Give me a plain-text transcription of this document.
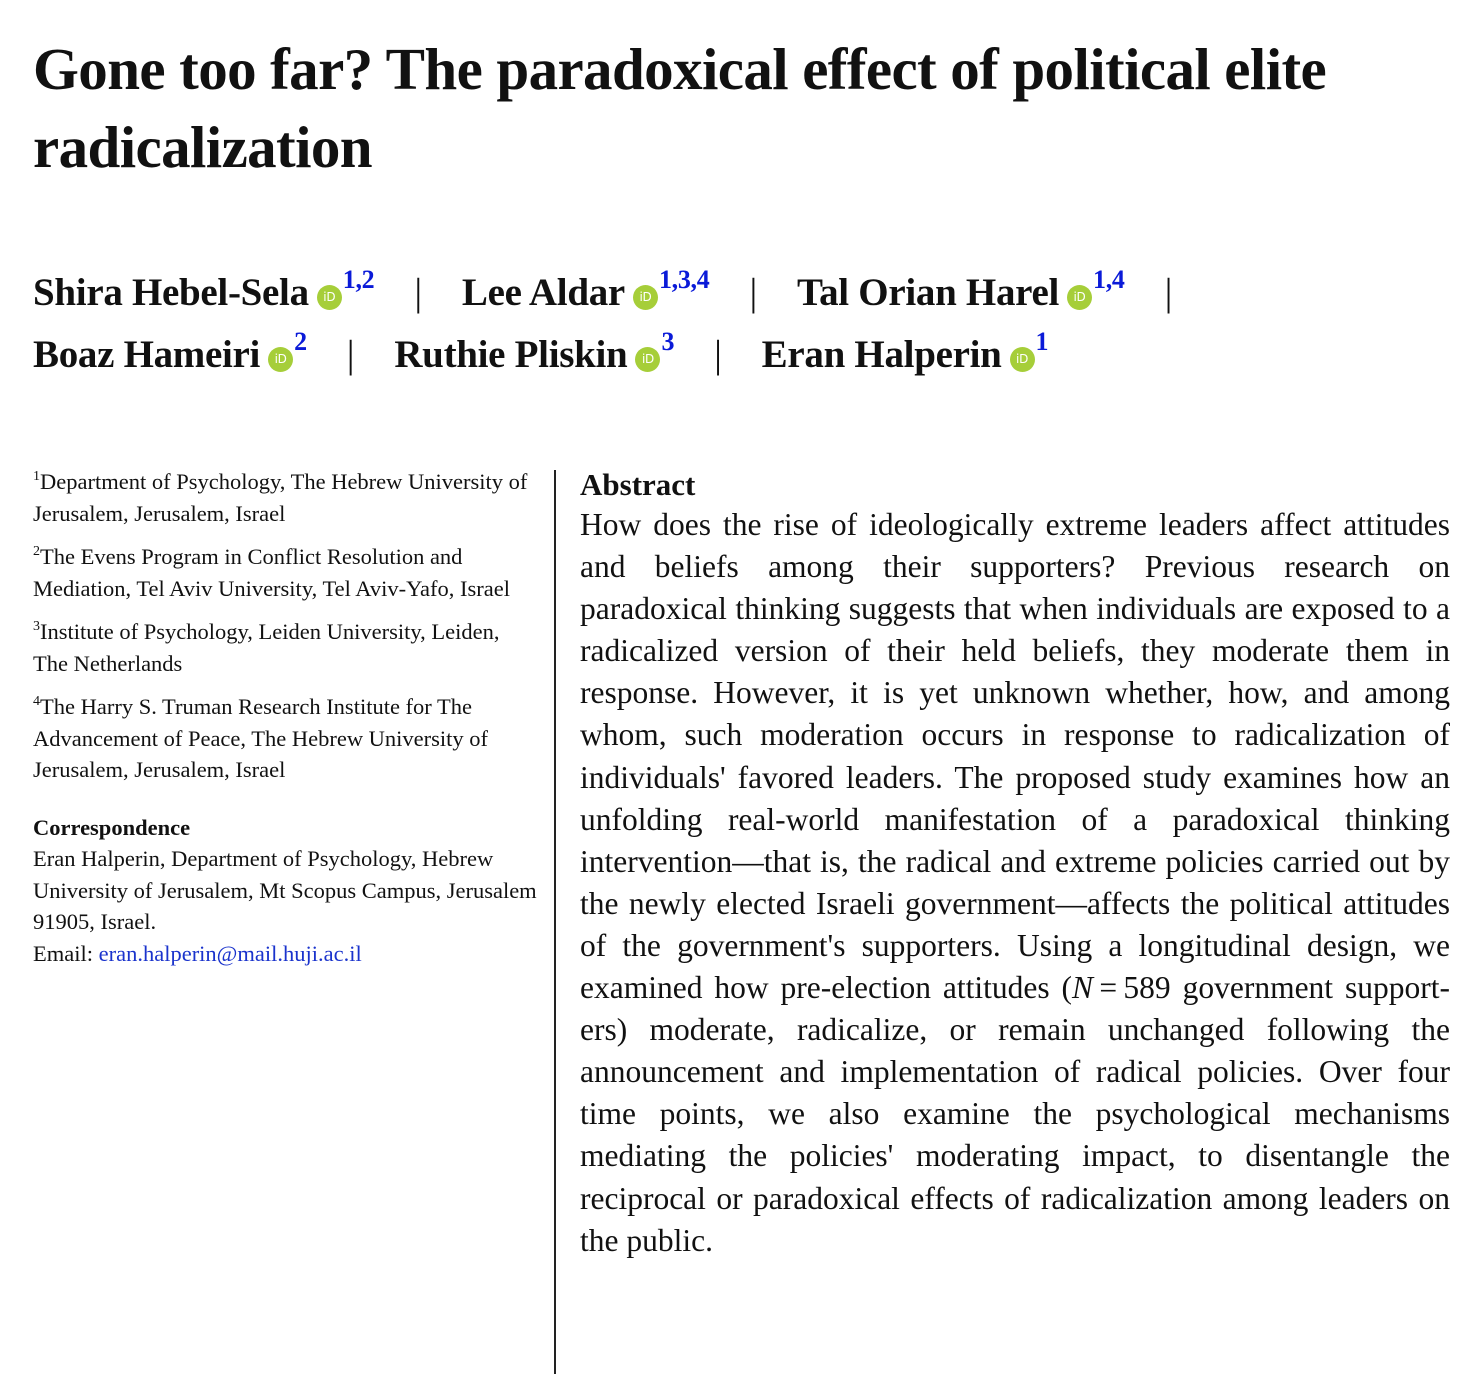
Gone too far? The paradoxical effect of political elite radicalization
Shira Hebel-Sela iD$^{1,2}$ | Lee Aldar iD$^{1,3,4}$ | Tal Orian Harel iD$^{1,4}$ |
Boaz Hameiri iD$^2$ | Ruthie Pliskin iD$^3$ | Eran Halperin iD$^1$
$^1$Department of Psychology, The Hebrew University of Jerusalem, Jerusalem, Israel
$^2$The Evens Program in Conflict Resolution and Mediation, Tel Aviv University, Tel Aviv-Yafo, Israel
$^3$Institute of Psychology, Leiden University, Leiden, The Netherlands
$^4$The Harry S. Truman Research Institute for The Advancement of Peace, The Hebrew University of Jerusalem, Jerusalem, Israel
Correspondence
Eran Halperin, Department of Psychology, Hebrew University of Jerusalem, Mt Scopus Campus, Jerusalem 91905, Israel.
Email: eran.halperin@mail.huji.ac.il
Abstract

How does the rise of ideologically extreme leaders affect attitudes and beliefs among their supporters? Previous research on paradoxical thinking suggests that when individuals are exposed to a radicalized version of their held beliefs, they moderate them in response. However, it is yet unknown whether, how, and among whom, such moderation occurs in response to radicalization of individuals' favored leaders. The proposed study examines how an unfolding real-world manifestation of a paradoxical thinking intervention—that is, the radical and extreme policies carried out by the newly elected Israeli government—affects the political attitudes of the government's supporters. Using a longitudinal design, we examined how pre-election attitudes (N = 589 government supporters) moderate, radicalize, or remain unchanged following the announcement and implementation of radical policies. Over four time points, we also examine the psychological mechanisms mediating the policies' moderating impact, to disentangle the reciprocal or paradoxical effects of radicalization among leaders on the public.
